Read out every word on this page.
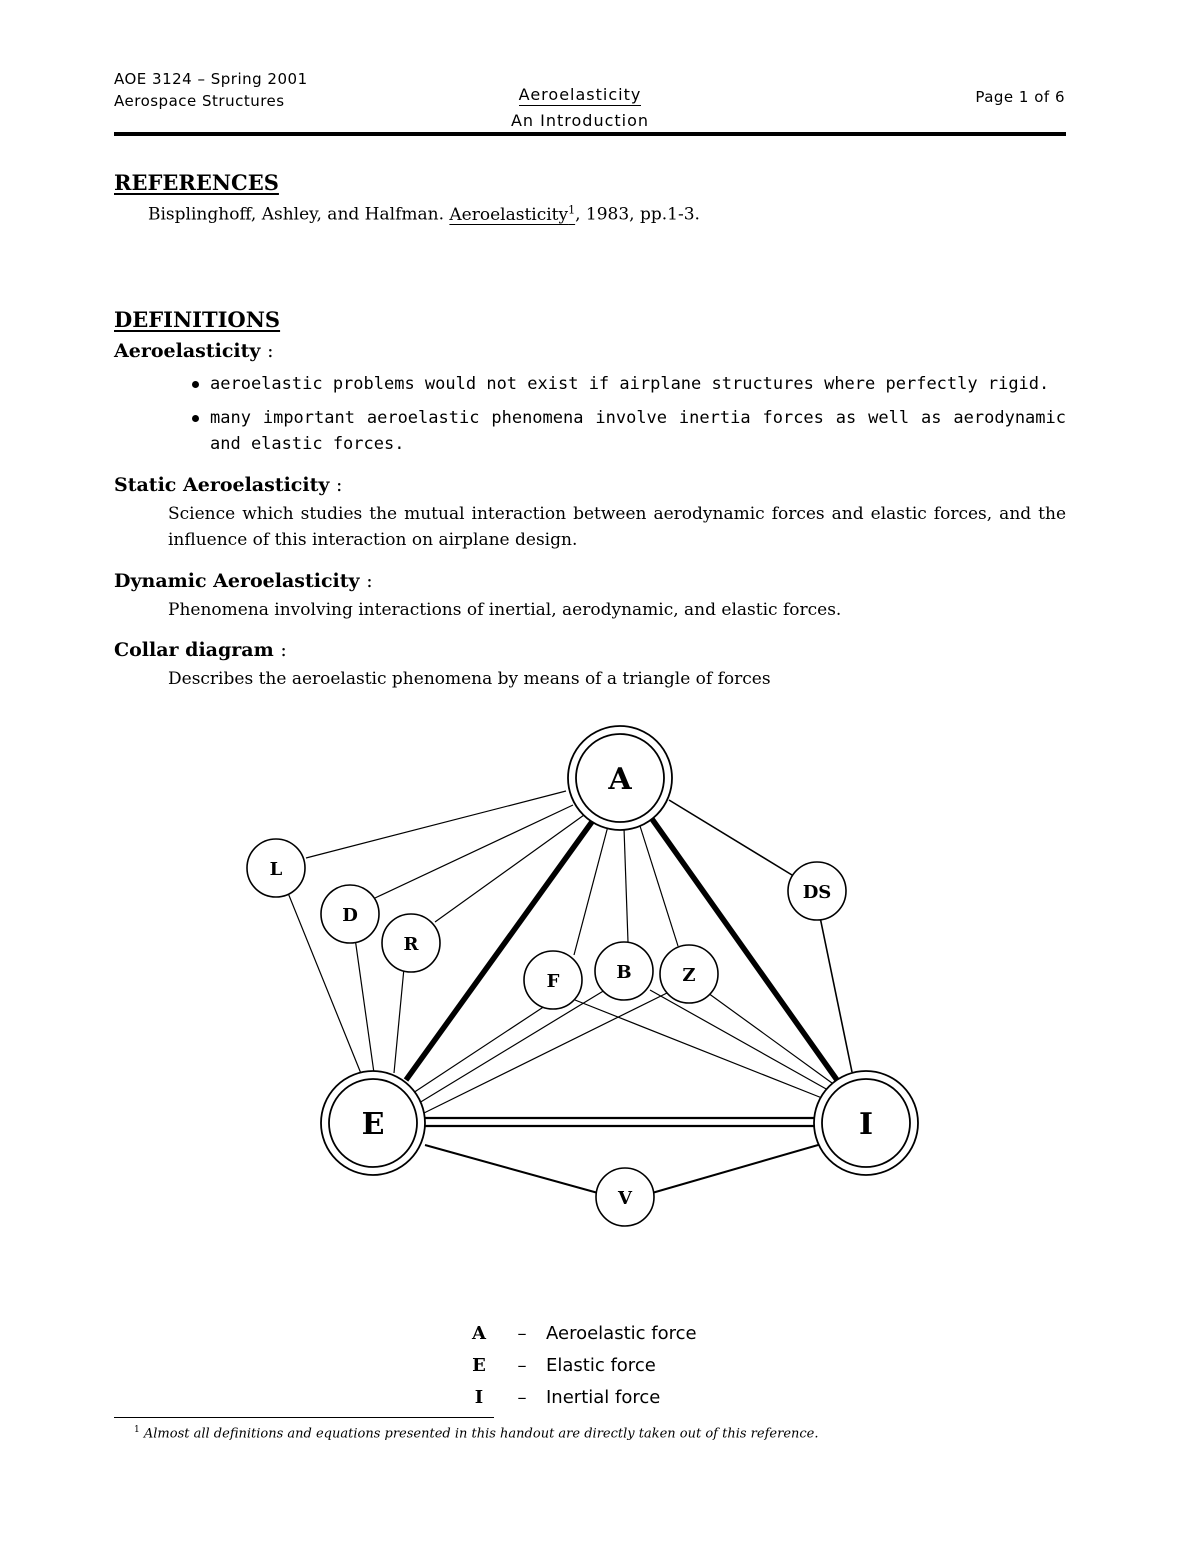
AOE 3124 – Spring 2001
Aerospace Structures	Aeroelasticity
An Introduction
Page 1 of 6
REFERENCES
Bisplinghoff, Ashley, and Halfman. Aeroelasticity$^1$, 1983, pp.1-3.
DEFINITIONS
Aeroelasticity :
aeroelastic problems would not exist if airplane structures where perfectly rigid.
many important aeroelastic phenomena involve inertia forces as well as aerodynamic and elastic forces.
Static Aeroelasticity :
Science which studies the mutual interaction between aerodynamic forces and elastic forces, and the influence of this interaction on airplane design.
Dynamic Aeroelasticity :
Phenomena involving interactions of inertial, aerodynamic, and elastic forces.
Collar diagram :
Describes the aeroelastic phenomena by means of a triangle of forces
A
E	I
L
D
R
F	B	Z
DS
V
A	–	Aeroelastic force
E	–	Elastic force
I	–	Inertial force
$^1$ Almost all definitions and equations presented in this handout are directly taken out of this reference.
